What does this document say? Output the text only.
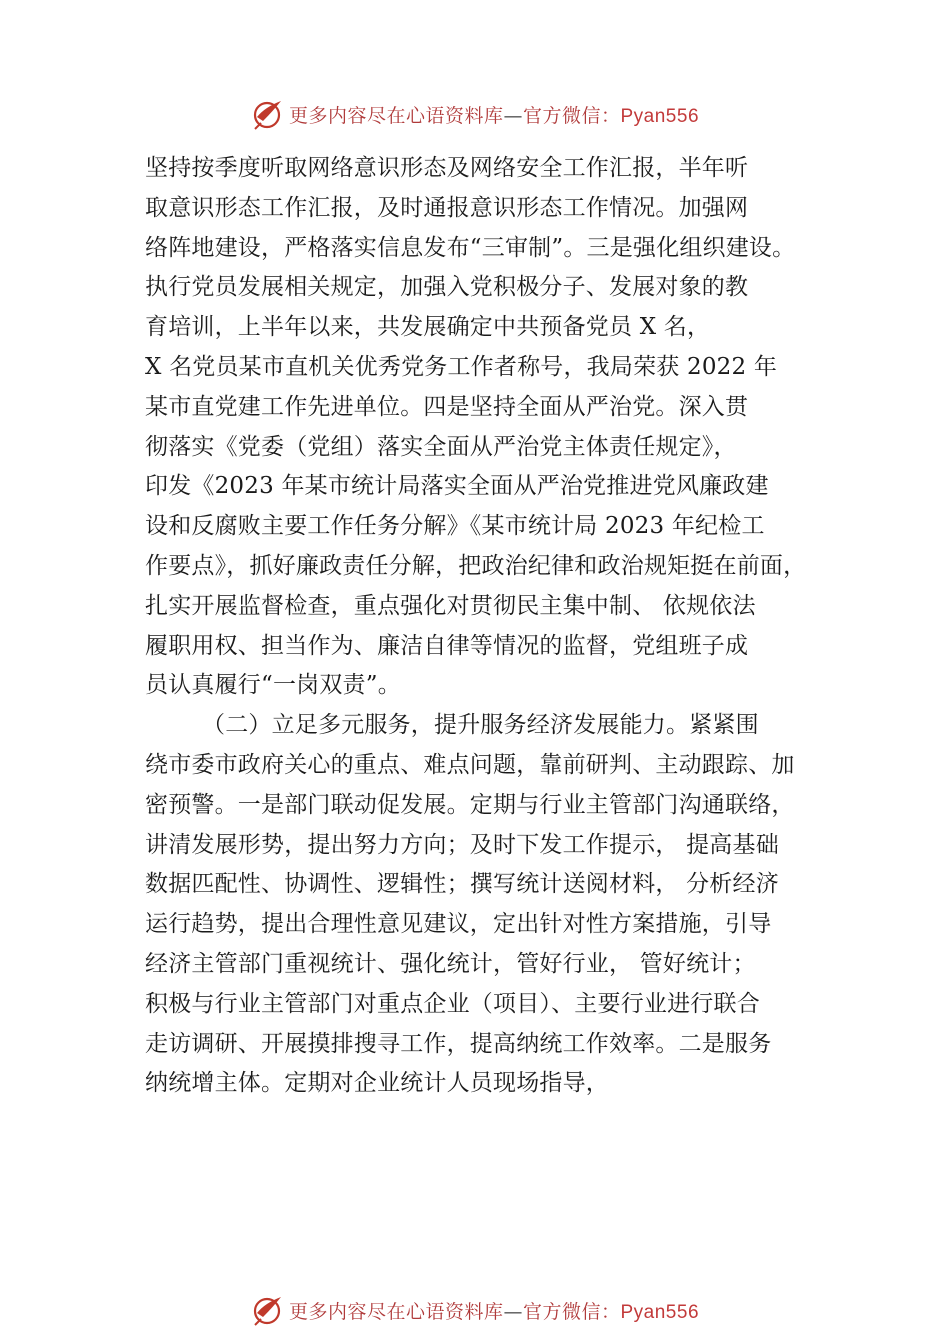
更多内容尽在心语资料库—官方微信：Pyan556
坚持按季度听取网络意识形态及网络安全工作汇报，半年听
取意识形态工作汇报，及时通报意识形态工作情况。加强网
络阵地建设，严格落实信息发布“三审制”。三是强化组织建设。
执行党员发展相关规定，加强入党积极分子、发展对象的教
育培训，上半年以来，共发展确定中共预备党员 X 名，
X 名党员某市直机关优秀党务工作者称号，我局荣获 2022 年
某市直党建工作先进单位。四是坚持全面从严治党。深入贯
彻落实《党委（党组）落实全面从严治党主体责任规定》，
印发《2023 年某市统计局落实全面从严治党推进党风廉政建
设和反腐败主要工作任务分解》《某市统计局 2023 年纪检工
作要点》，抓好廉政责任分解，把政治纪律和政治规矩挺在前面，
扎实开展监督检查，重点强化对贯彻民主集中制、 依规依法
履职用权、担当作为、廉洁自律等情况的监督，党组班子成
员认真履行“一岗双责”。
（二）立足多元服务，提升服务经济发展能力。紧紧围
绕市委市政府关心的重点、难点问题，靠前研判、主动跟踪、加
密预警。一是部门联动促发展。定期与行业主管部门沟通联络，
讲清发展形势，提出努力方向；及时下发工作提示， 提高基础
数据匹配性、协调性、逻辑性；撰写统计送阅材料， 分析经济
运行趋势，提出合理性意见建议，定出针对性方案措施，引导
经济主管部门重视统计、强化统计，管好行业， 管好统计；
积极与行业主管部门对重点企业（项目）、主要行业进行联合
走访调研、开展摸排搜寻工作，提高纳统工作效率。二是服务
纳统增主体。定期对企业统计人员现场指导，
更多内容尽在心语资料库—官方微信：Pyan556
